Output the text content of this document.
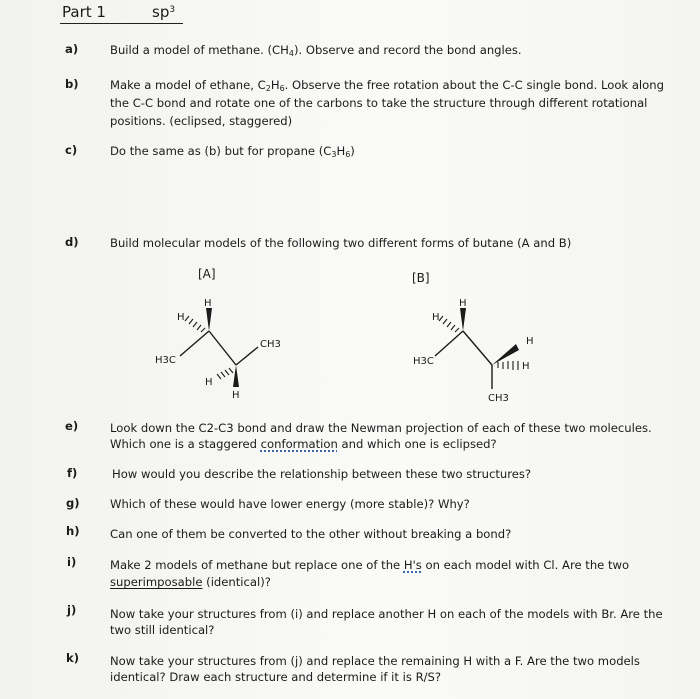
Part 1	$sp^3$
a)	Build a model of methane. $(CH_4)$. Observe and record the bond angles.
b)	Make a model of ethane, $C_2H_6$. Observe the free rotation about the C-C single bond. Look along
the C-C bond and rotate one of the carbons to take the structure through different rotational
positions. (eclipsed, staggered)
c)	Do the same as (b) but for propane $(C_3H_6)$
d)	Build molecular models of the following two different forms of butane (A and B)
[A]
H
H
H3C
CH3
H
H
[B]
H
H
H3C
H
H
CH3
e)	Look down the C2-C3 bond and draw the Newman projection of each of these two molecules.
Which one is a staggered conformation and which one is eclipsed?
f)	How would you describe the relationship between these two structures?
g)	Which of these would have lower energy (more stable)? Why?
h)	Can one of them be converted to the other without breaking a bond?
i)	Make 2 models of methane but replace one of the H's on each model with Cl. Are the two
superimposable (identical)?
j)	Now take your structures from (i) and replace another H on each of the models with Br. Are the
two still identical?
k)	Now take your structures from (j) and replace the remaining H with a F. Are the two models
identical? Draw each structure and determine if it is R/S?
